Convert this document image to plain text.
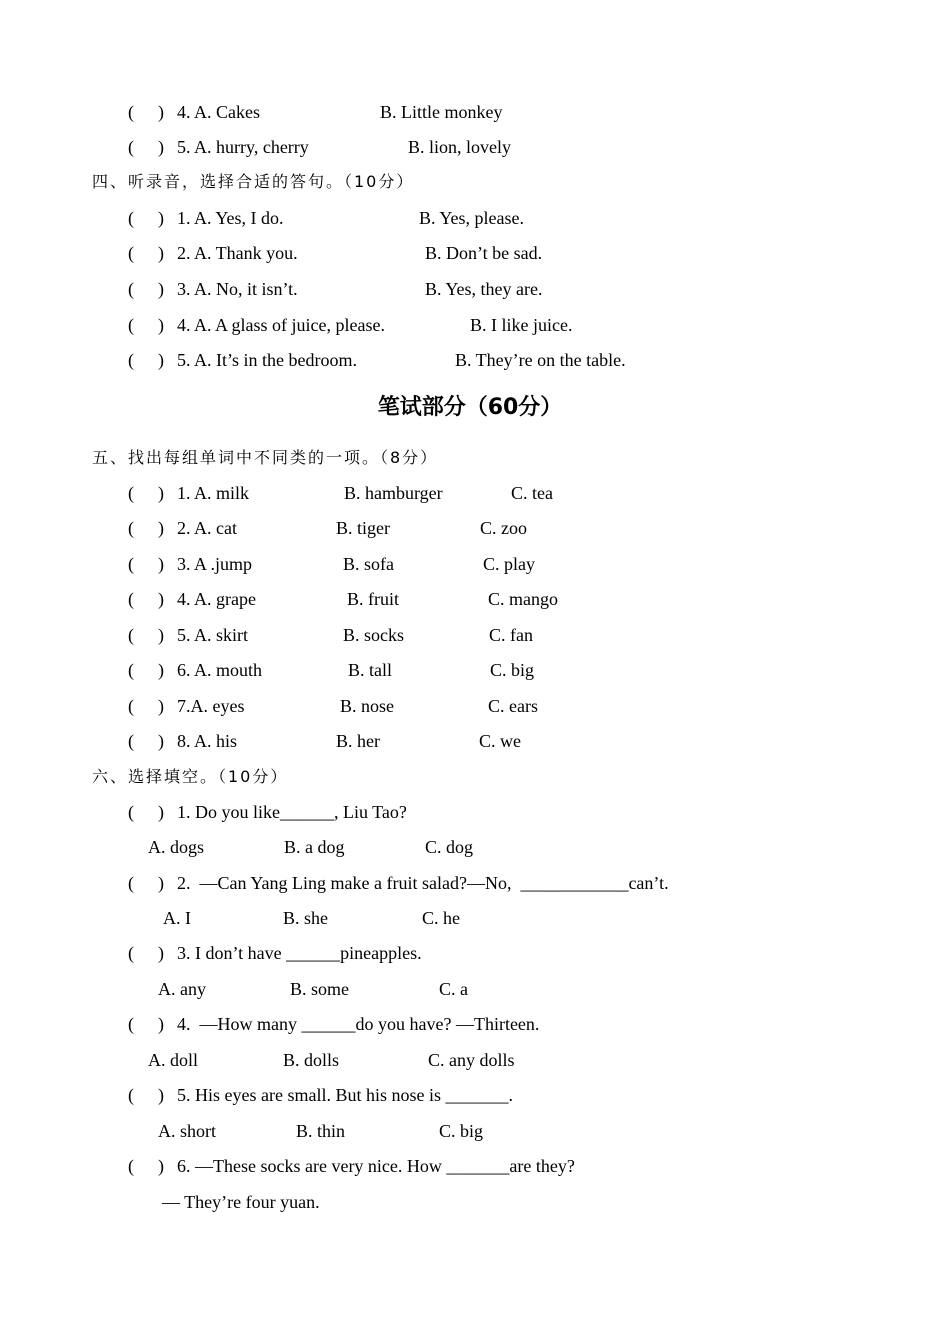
(

)

4. A. Cakes

	B. Little monkey

(

)

5. A. hurry, cherry

	B. lion, lovely

四、听录音，选择合适的答句。（10分）

(

)

1. A. Yes, I do.

	B. Yes, please.

(

)

2. A. Thank you.

	B. Don’t be sad.

(

)

3. A. No, it isn’t.

	B. Yes, they are.

(

)

4. A. A glass of juice, please.

	B. I like juice.

(

)

5. A. It’s in the bedroom.

	B. They’re on the table.

笔试部分（60分）
五、找出每组单词中不同类的一项。（8分）

(

)

1. A. milk

	B. hamburger

	C. tea

(

)

2. A. cat

	B. tiger

	C. zoo

(

)

3. A .jump

	B. sofa

	C. play

(

)

4. A. grape

	B. fruit

	C. mango

(

)

5. A. skirt

	B. socks

	C. fan

(

)

6. A. mouth

	B. tall

	C. big

(

)

7.A. eyes

	B. nose

	C. ears

(

)

8. A. his

	B. her

	C. we

六、选择填空。（10分）

(

)

1. Do you like______, Liu Tao?

A. dogs

	B. a dog

	C. dog

(

)

2.  —Can Yang Ling make a fruit salad?—No,  ____________can’t.

A. I

	B. she

	C. he

(

)

3. I don’t have ______pineapples.

A. any

	B. some

	C. a

(

)

4.  —How many ______do you have? —Thirteen.

A. doll

	B. dolls

	C. any dolls

(

)

5. His eyes are small. But his nose is _______.

A. short

	B. thin

	C. big

(

)

6. —These socks are very nice. How _______are they?

— They’re four yuan.
